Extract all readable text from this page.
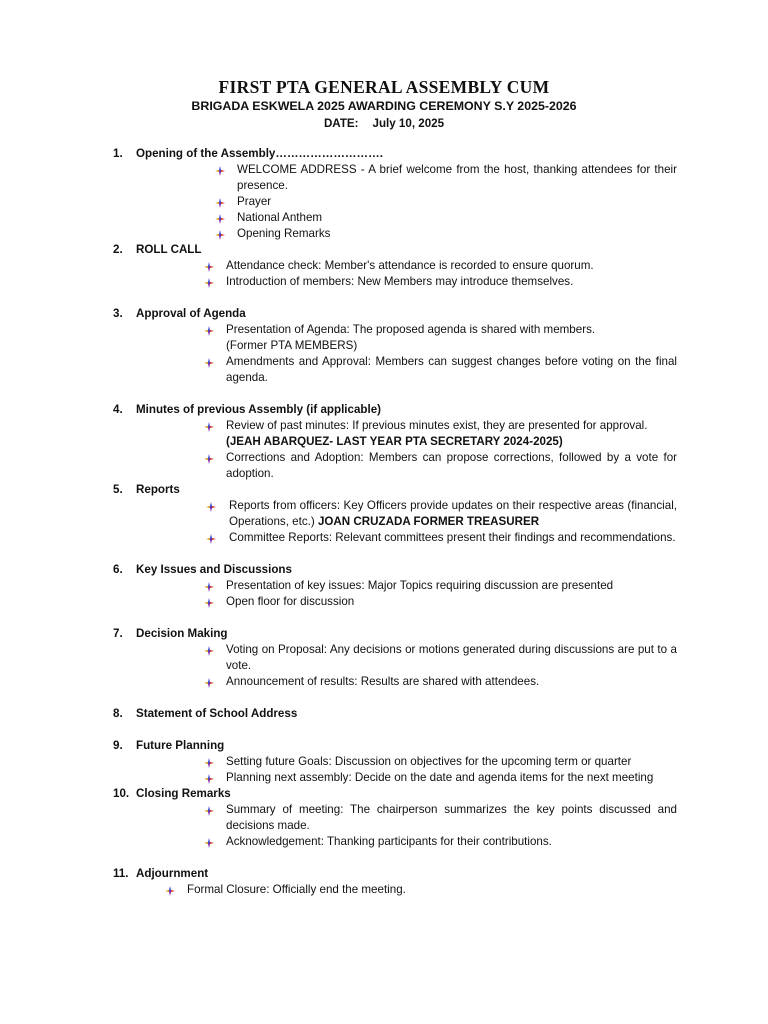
FIRST PTA GENERAL ASSEMBLY CUM
BRIGADA ESKWELA 2025 AWARDING CEREMONY S.Y 2025-2026
DATE: July 10, 2025
1. Opening of the Assembly……………………….
WELCOME ADDRESS - A brief welcome from the host, thanking attendees for their presence.
Prayer
National Anthem
Opening Remarks
2. ROLL CALL
Attendance check: Member's attendance is recorded to ensure quorum.
Introduction of members: New Members may introduce themselves.
3. Approval of Agenda
Presentation of Agenda: The proposed agenda is shared with members.
(Former PTA MEMBERS)
Amendments and Approval: Members can suggest changes before voting on the final agenda.
4. Minutes of previous Assembly (if applicable)
Review of past minutes: If previous minutes exist, they are presented for approval.
(JEAH ABARQUEZ- LAST YEAR PTA SECRETARY 2024-2025)
Corrections and Adoption: Members can propose corrections, followed by a vote for adoption.
5. Reports
Reports from officers: Key Officers provide updates on their respective areas (financial, Operations, etc.) JOAN CRUZADA FORMER TREASURER
Committee Reports: Relevant committees present their findings and recommendations.
6. Key Issues and Discussions
Presentation of key issues: Major Topics requiring discussion are presented
Open floor for discussion
7. Decision Making
Voting on Proposal: Any decisions or motions generated during discussions are put to a vote.
Announcement of results: Results are shared with attendees.
8. Statement of School Address
9. Future Planning
Setting future Goals: Discussion on objectives for the upcoming term or quarter
Planning next assembly: Decide on the date and agenda items for the next meeting
10. Closing Remarks
Summary of meeting: The chairperson summarizes the key points discussed and decisions made.
Acknowledgement: Thanking participants for their contributions.
11. Adjournment
Formal Closure: Officially end the meeting.
